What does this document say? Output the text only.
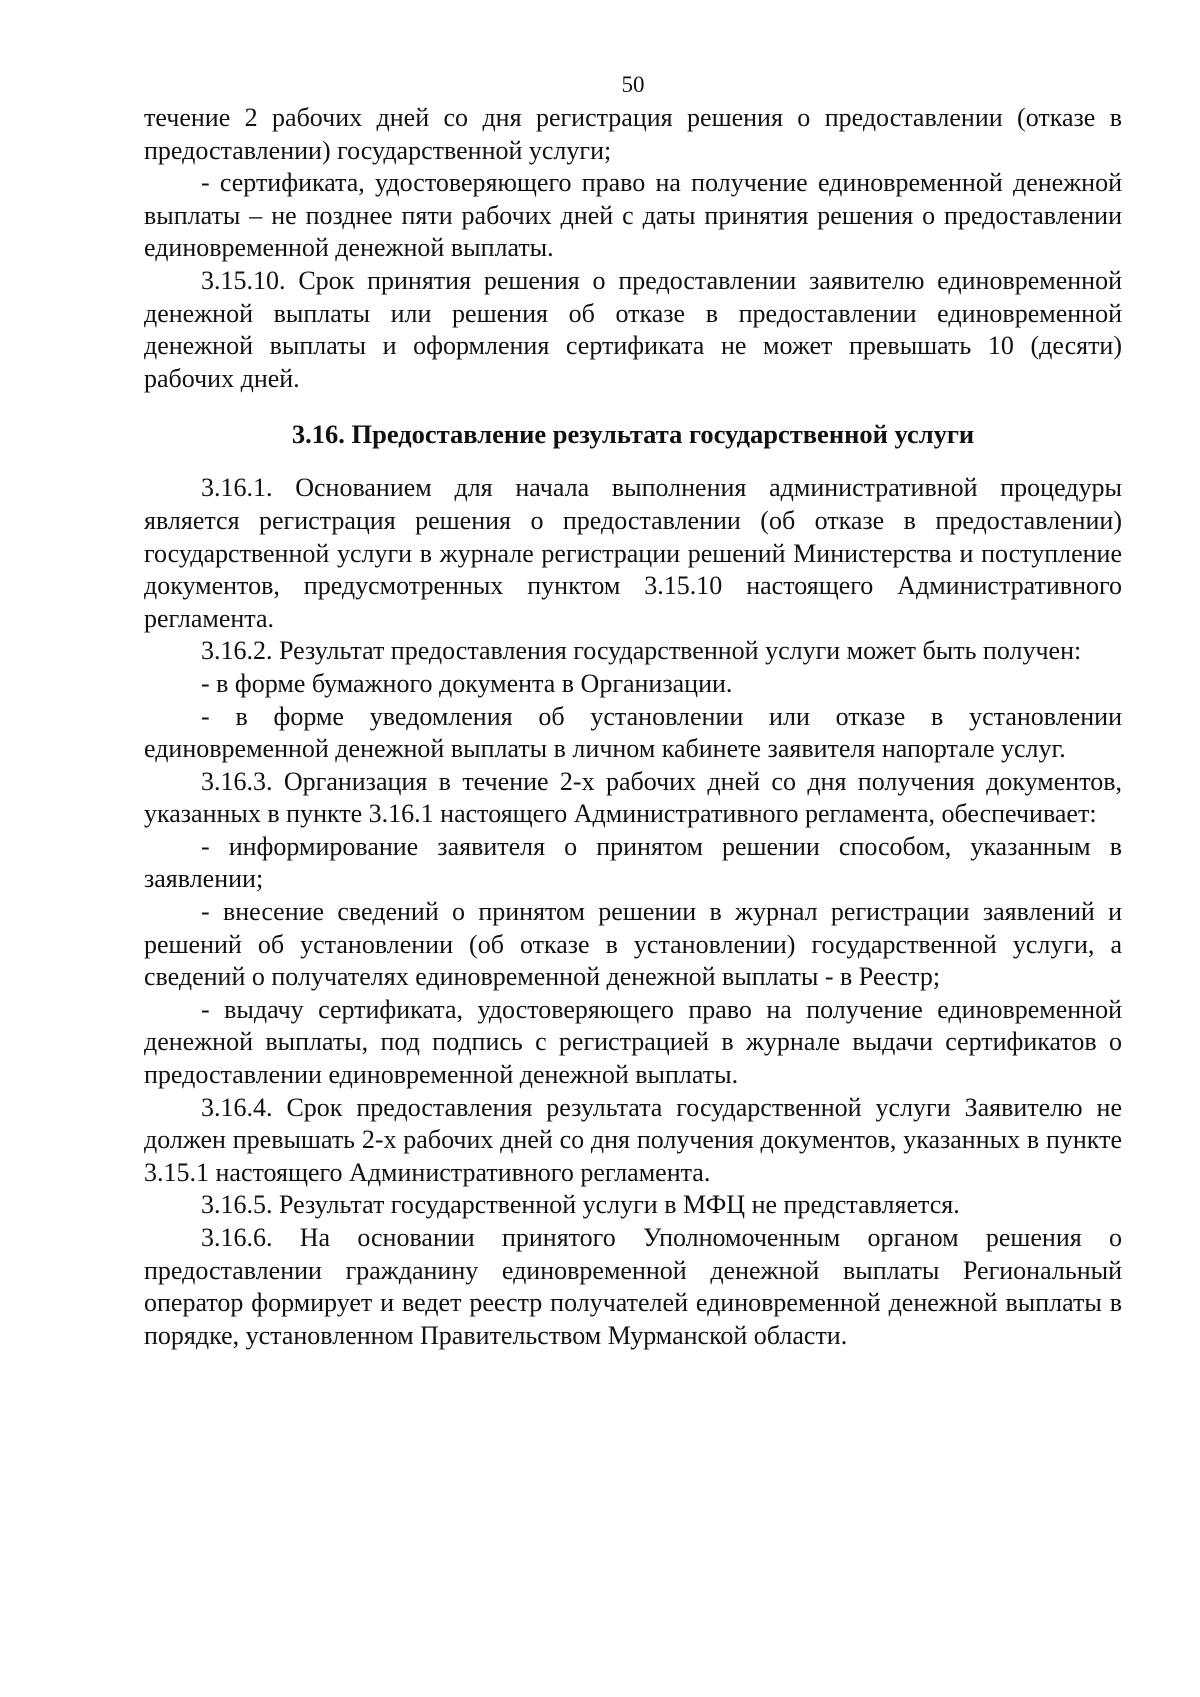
50

течение 2 рабочих дней со дня регистрация решения о предоставлении (отказе в предоставлении) государственной услуги;

- сертификата, удостоверяющего право на получение единовременной денежной выплаты – не позднее пяти рабочих дней с даты принятия решения о предоставлении единовременной денежной выплаты.

3.15.10. Срок принятия решения о предоставлении заявителю единовременной денежной выплаты или решения об отказе в предоставлении единовременной денежной выплаты и оформления сертификата не может превышать 10 (десяти) рабочих дней.

3.16. Предоставление результата государственной услуги

3.16.1. Основанием для начала выполнения административной процедуры является регистрация решения о предоставлении (об отказе в предоставлении) государственной услуги в журнале регистрации решений Министерства и поступление документов, предусмотренных пунктом 3.15.10 настоящего Административного регламента.

3.16.2. Результат предоставления государственной услуги может быть получен:

- в форме бумажного документа в Организации.

- в форме уведомления об установлении или отказе в установлении единовременной денежной выплаты в личном кабинете заявителя напортале услуг.

3.16.3. Организация в течение 2-х рабочих дней со дня получения документов, указанных в пункте 3.16.1 настоящего Административного регламента, обеспечивает:

- информирование заявителя о принятом решении способом, указанным в заявлении;

- внесение сведений о принятом решении в журнал регистрации заявлений и решений об установлении (об отказе в установлении) государственной услуги, а сведений о получателях единовременной денежной выплаты - в Реестр;

- выдачу сертификата, удостоверяющего право на получение единовременной денежной выплаты, под подпись с регистрацией в журнале выдачи сертификатов о предоставлении единовременной денежной выплаты.

3.16.4. Срок предоставления результата государственной услуги Заявителю не должен превышать 2-х рабочих дней со дня получения документов, указанных в пункте 3.15.1 настоящего Административного регламента.

3.16.5. Результат государственной услуги в МФЦ не представляется.

3.16.6. На основании принятого Уполномоченным органом решения о предоставлении гражданину единовременной денежной выплаты Региональный оператор формирует и ведет реестр получателей единовременной денежной выплаты в порядке, установленном Правительством Мурманской области.
